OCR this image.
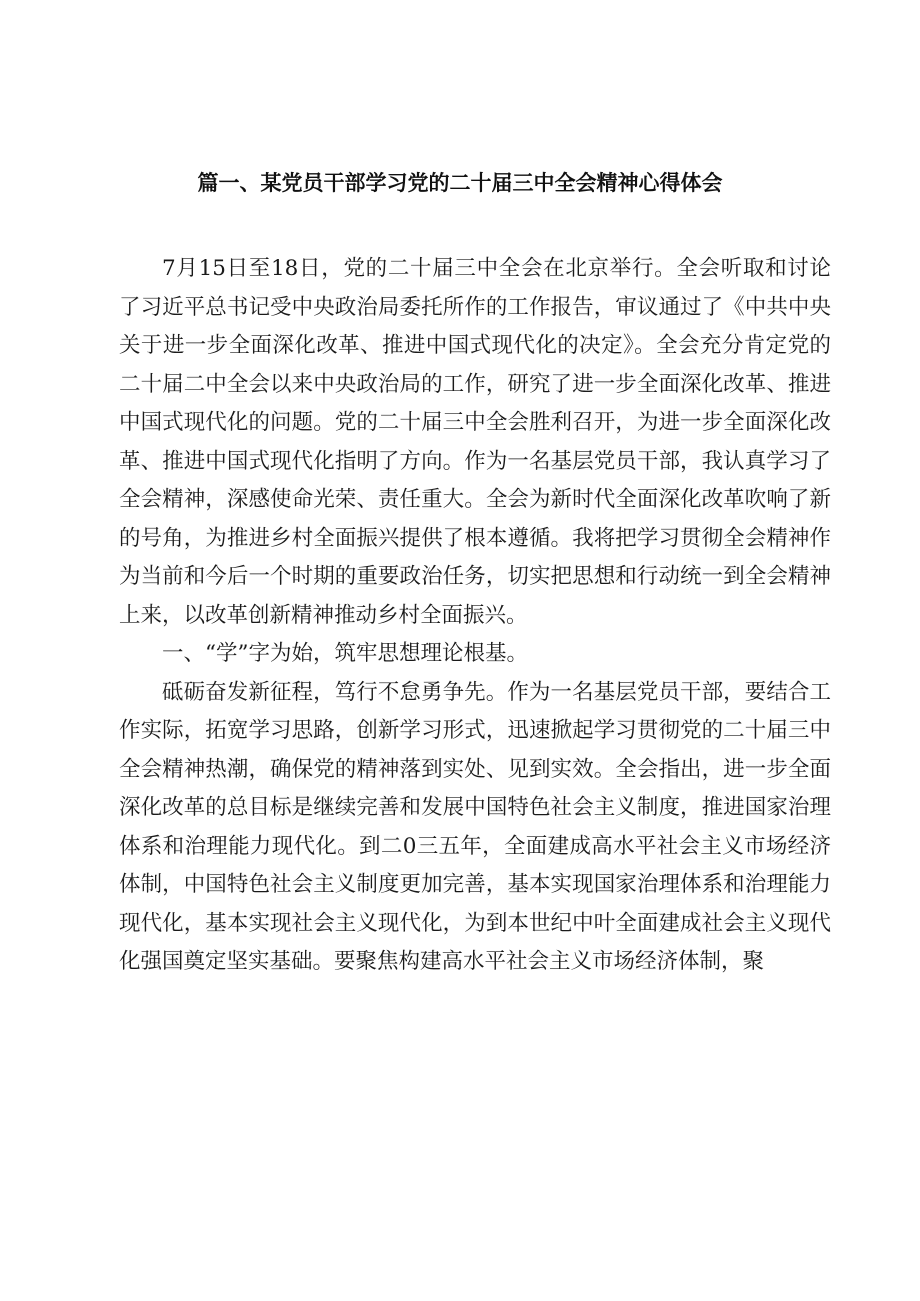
篇一、某党员干部学习党的二十届三中全会精神心得体会

7月15日至18日，党的二十届三中全会在北京举行。全会听取和讨论了习近平总书记受中央政治局委托所作的工作报告，审议通过了《中共中央关于进一步全面深化改革、推进中国式现代化的决定》。全会充分肯定党的二十届二中全会以来中央政治局的工作，研究了进一步全面深化改革、推进中国式现代化的问题。党的二十届三中全会胜利召开，为进一步全面深化改革、推进中国式现代化指明了方向。作为一名基层党员干部，我认真学习了全会精神，深感使命光荣、责任重大。全会为新时代全面深化改革吹响了新的号角，为推进乡村全面振兴提供了根本遵循。我将把学习贯彻全会精神作为当前和今后一个时期的重要政治任务，切实把思想和行动统一到全会精神上来，以改革创新精神推动乡村全面振兴。

一、“学”字为始，筑牢思想理论根基。

砥砺奋发新征程，笃行不怠勇争先。作为一名基层党员干部，要结合工作实际，拓宽学习思路，创新学习形式，迅速掀起学习贯彻党的二十届三中全会精神热潮，确保党的精神落到实处、见到实效。全会指出，进一步全面深化改革的总目标是继续完善和发展中国特色社会主义制度，推进国家治理体系和治理能力现代化。到二0三五年，全面建成高水平社会主义市场经济体制，中国特色社会主义制度更加完善，基本实现国家治理体系和治理能力现代化，基本实现社会主义现代化，为到本世纪中叶全面建成社会主义现代化强国奠定坚实基础。要聚焦构建高水平社会主义市场经济体制，聚
